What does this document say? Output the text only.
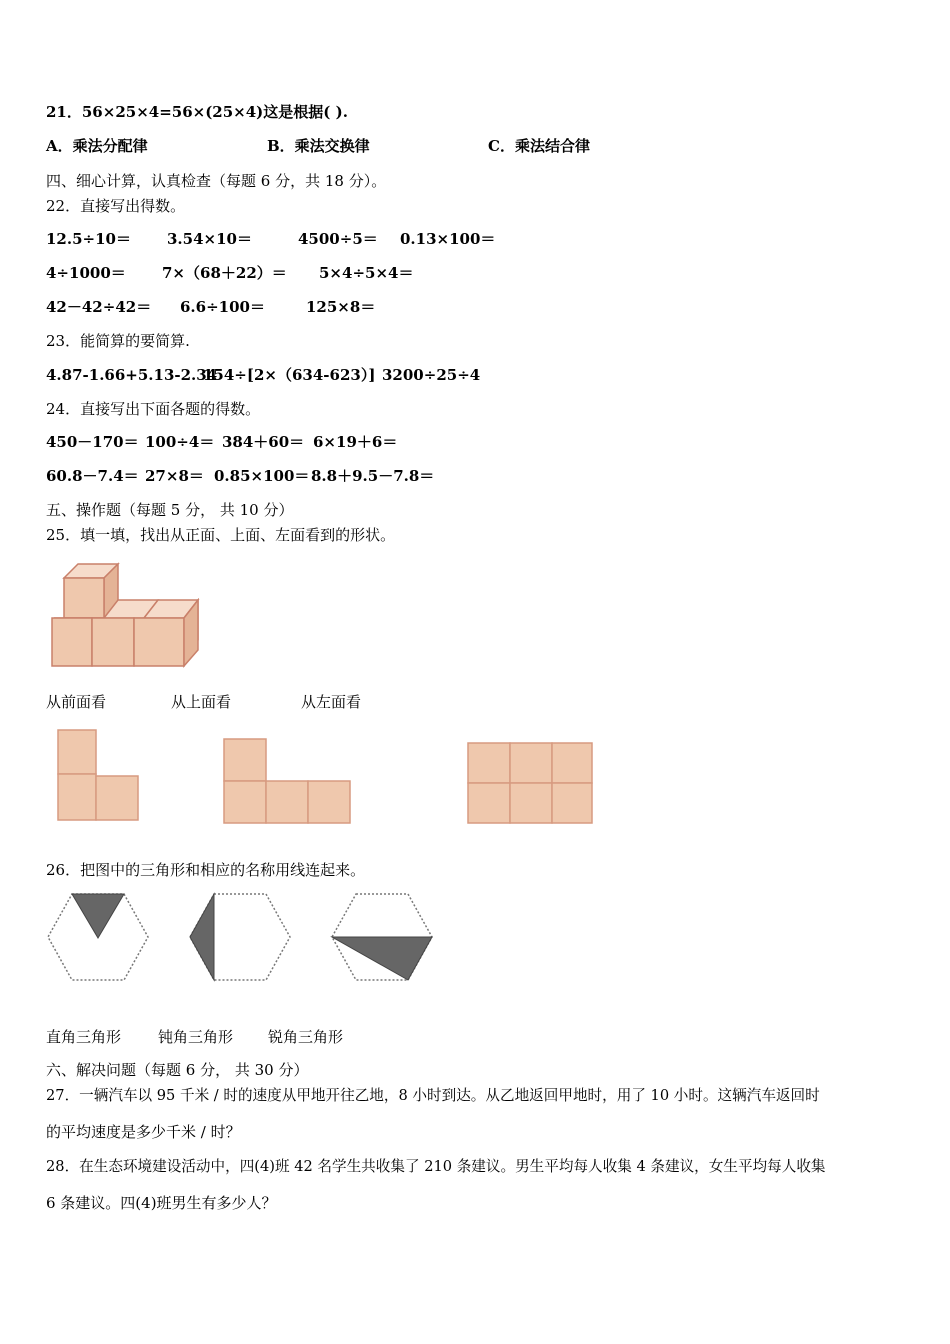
21．56×25×4=56×(25×4)这是根据( ).
A．乘法分配律	B．乘法交换律	C．乘法结合律
四、细心计算，认真检查（每题 6 分，共 18 分）。
22．直接写出得数。
12.5÷10＝ 3.54×10＝	4500÷5＝ 0.13×100＝
4÷1000＝ 7×（68＋22）＝ 5×4÷5×4＝
42－42÷42＝ 6.6÷100＝	125×8＝
23．能简算的要简算.
4.87-1.66+5.13-2.34
154÷[2×（634-623）] 3200÷25÷4
24．直接写出下面各题的得数。
450－170＝ 100÷4＝ 384＋60＝ 6×19＋6＝
60.8－7.4＝ 27×8＝ 0.85×100＝ 8.8＋9.5－7.8＝
五、操作题（每题 5 分， 共 10 分）
25．填一填，找出从正面、上面、左面看到的形状。
从前面看	从上面看	从左面看
26．把图中的三角形和相应的名称用线连起来。
直角三角形 钝角三角形 锐角三角形
六、解决问题（每题 6 分， 共 30 分）
27．一辆汽车以 95 千米 / 时的速度从甲地开往乙地，8 小时到达。从乙地返回甲地时，用了 10 小时。这辆汽车返回时
的平均速度是多少千米 / 时？
28．在生态环境建设活动中，四(4)班 42 名学生共收集了 210 条建议。男生平均每人收集 4 条建议，女生平均每人收集
6 条建议。四(4)班男生有多少人？
